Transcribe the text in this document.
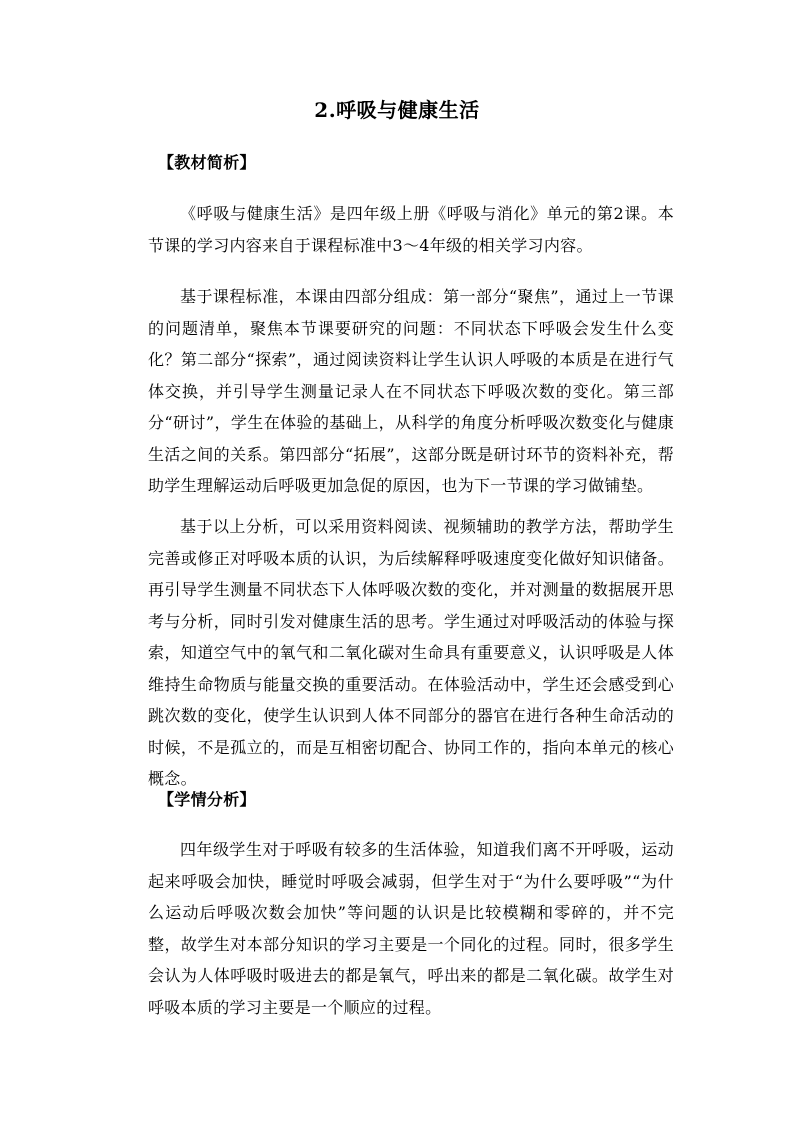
2.呼吸与健康生活
【教材简析】

《呼吸与健康生活》是四年级上册《呼吸与消化》单元的第2课。本节课的学习内容来自于课程标准中3～4年级的相关学习内容。

基于课程标准，本课由四部分组成：第一部分“聚焦”，通过上一节课的问题清单，聚焦本节课要研究的问题：不同状态下呼吸会发生什么变化？第二部分“探索”，通过阅读资料让学生认识人呼吸的本质是在进行气体交换，并引导学生测量记录人在不同状态下呼吸次数的变化。第三部分“研讨”，学生在体验的基础上，从科学的角度分析呼吸次数变化与健康生活之间的关系。第四部分“拓展”，这部分既是研讨环节的资料补充，帮助学生理解运动后呼吸更加急促的原因，也为下一节课的学习做铺垫。

基于以上分析，可以采用资料阅读、视频辅助的教学方法，帮助学生完善或修正对呼吸本质的认识，为后续解释呼吸速度变化做好知识储备。再引导学生测量不同状态下人体呼吸次数的变化，并对测量的数据展开思考与分析，同时引发对健康生活的思考。学生通过对呼吸活动的体验与探索，知道空气中的氧气和二氧化碳对生命具有重要意义，认识呼吸是人体维持生命物质与能量交换的重要活动。在体验活动中，学生还会感受到心跳次数的变化，使学生认识到人体不同部分的器官在进行各种生命活动的时候，不是孤立的，而是互相密切配合、协同工作的，指向本单元的核心概念。

【学情分析】

四年级学生对于呼吸有较多的生活体验，知道我们离不开呼吸，运动起来呼吸会加快，睡觉时呼吸会减弱，但学生对于“为什么要呼吸”“为什么运动后呼吸次数会加快”等问题的认识是比较模糊和零碎的，并不完整，故学生对本部分知识的学习主要是一个同化的过程。同时，很多学生会认为人体呼吸时吸进去的都是氧气，呼出来的都是二氧化碳。故学生对呼吸本质的学习主要是一个顺应的过程。
